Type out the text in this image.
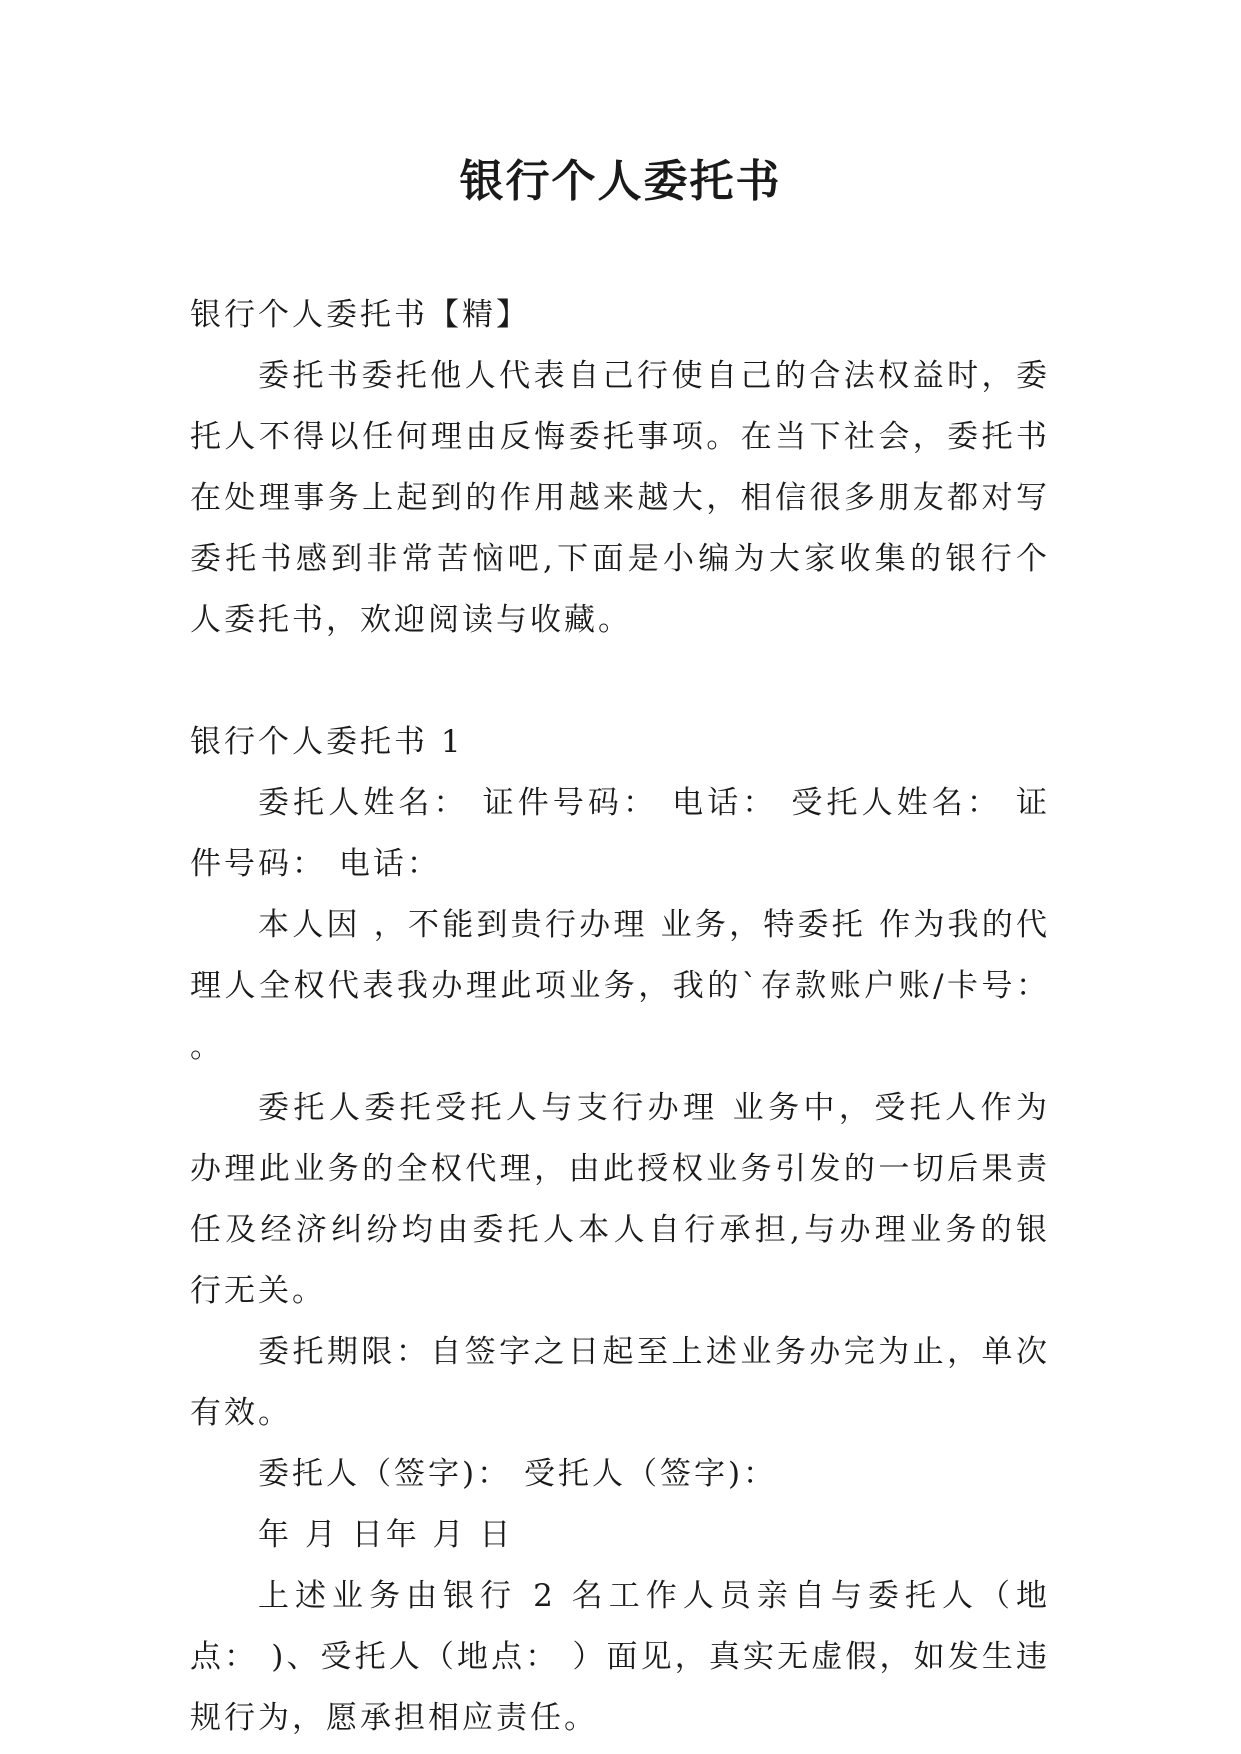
银行个人委托书

银行个人委托书【精】

委托书委托他人代表自己行使自己的合法权益时，委托人不得以任何理由反悔委托事项。在当下社会，委托书在处理事务上起到的作用越来越大，相信很多朋友都对写委托书感到非常苦恼吧,下面是小编为大家收集的银行个人委托书，欢迎阅读与收藏。

银行个人委托书 1

委托人姓名： 证件号码： 电话： 受托人姓名： 证件号码： 电话：

本人因 ，不能到贵行办理 业务，特委托 作为我的代理人全权代表我办理此项业务，我的`存款账户账/卡号： 。

委托人委托受托人与支行办理 业务中，受托人作为办理此业务的全权代理，由此授权业务引发的一切后果责任及经济纠纷均由委托人本人自行承担,与办理业务的银行无关。

委托期限：自签字之日起至上述业务办完为止，单次有效。

委托人（签字)： 受托人（签字)：

年 月 日年 月 日

上述业务由银行 2 名工作人员亲自与委托人（地点： )、受托人（地点： ）面见，真实无虚假，如发生违规行为，愿承担相应责任。
